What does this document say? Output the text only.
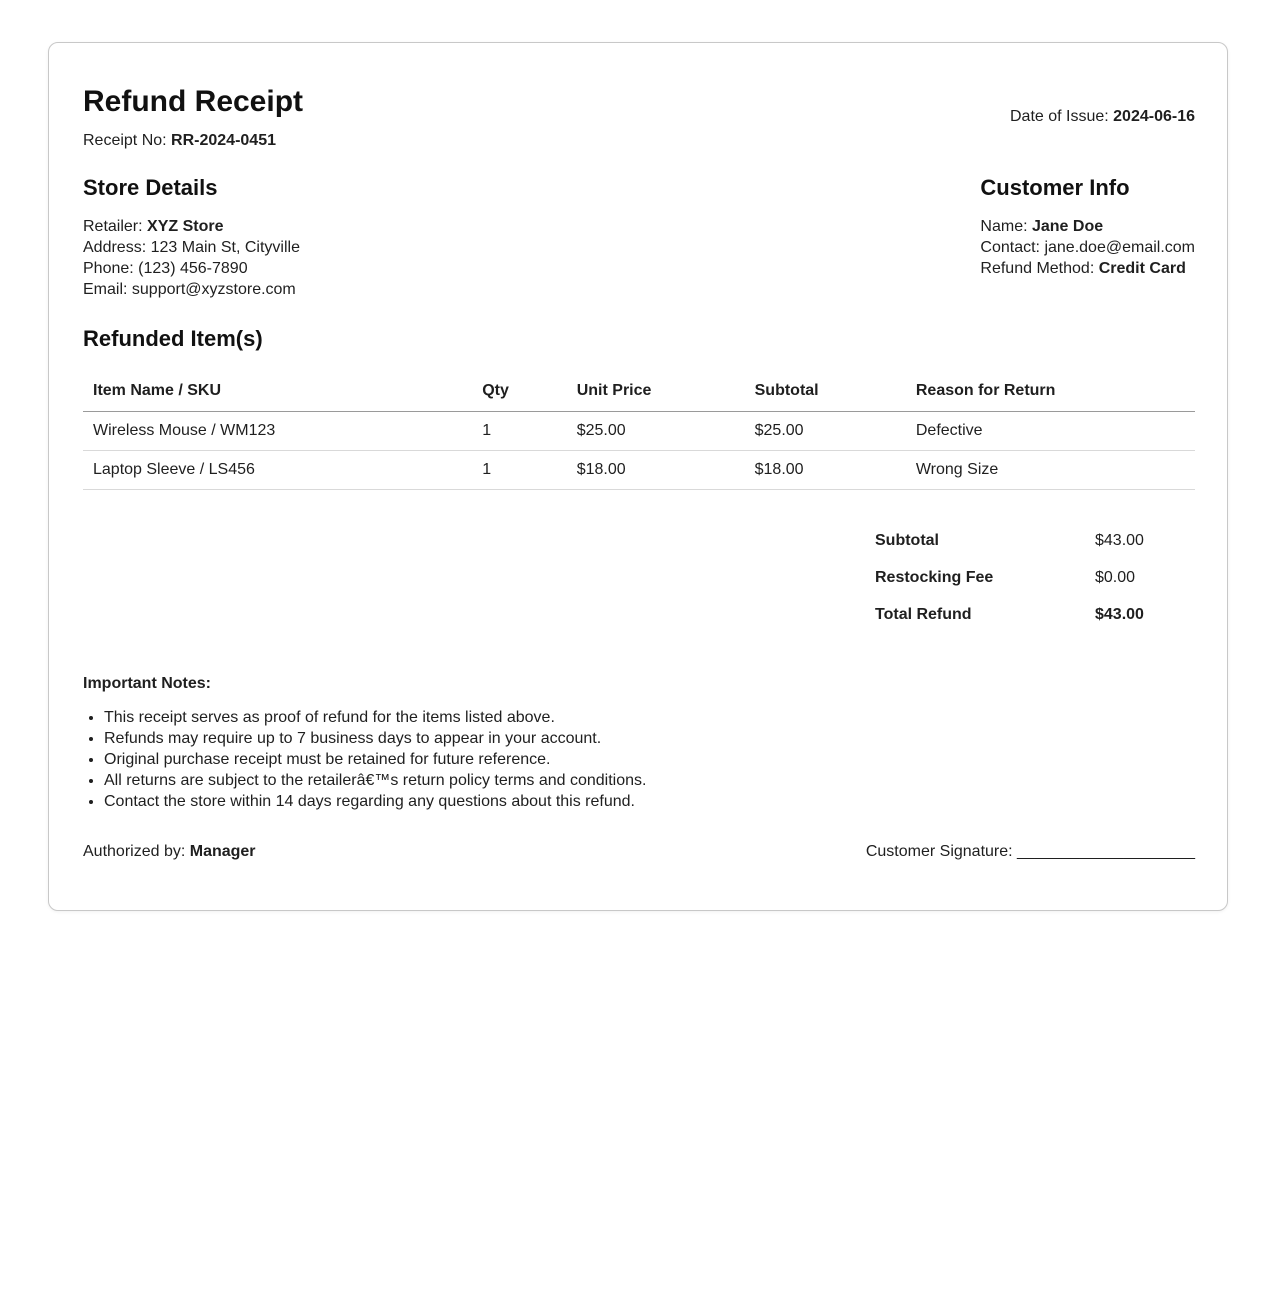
Refund Receipt
Receipt No: RR-2024-0451
Date of Issue: 2024-06-16
Store Details
Retailer: XYZ Store
Address: 123 Main St, Cityville
Phone: (123) 456-7890
Email: support@xyzstore.com
Customer Info
Name: Jane Doe
Contact: jane.doe@email.com
Refund Method: Credit Card
Refunded Item(s)
Item Name / SKU	Qty	Unit Price	Subtotal	Reason for Return
Wireless Mouse / WM123	1	$25.00	$25.00	Defective
Laptop Sleeve / LS456	1	$18.00	$18.00	Wrong Size
Subtotal	$43.00
Restocking Fee	$0.00
Total Refund	$43.00
Important Notes:
• This receipt serves as proof of refund for the items listed above.
• Refunds may require up to 7 business days to appear in your account.
• Original purchase receipt must be retained for future reference.
• All returns are subject to the retailerâ€™s return policy terms and conditions.
• Contact the store within 14 days regarding any questions about this refund.
Authorized by: Manager	Customer Signature: ____________________
